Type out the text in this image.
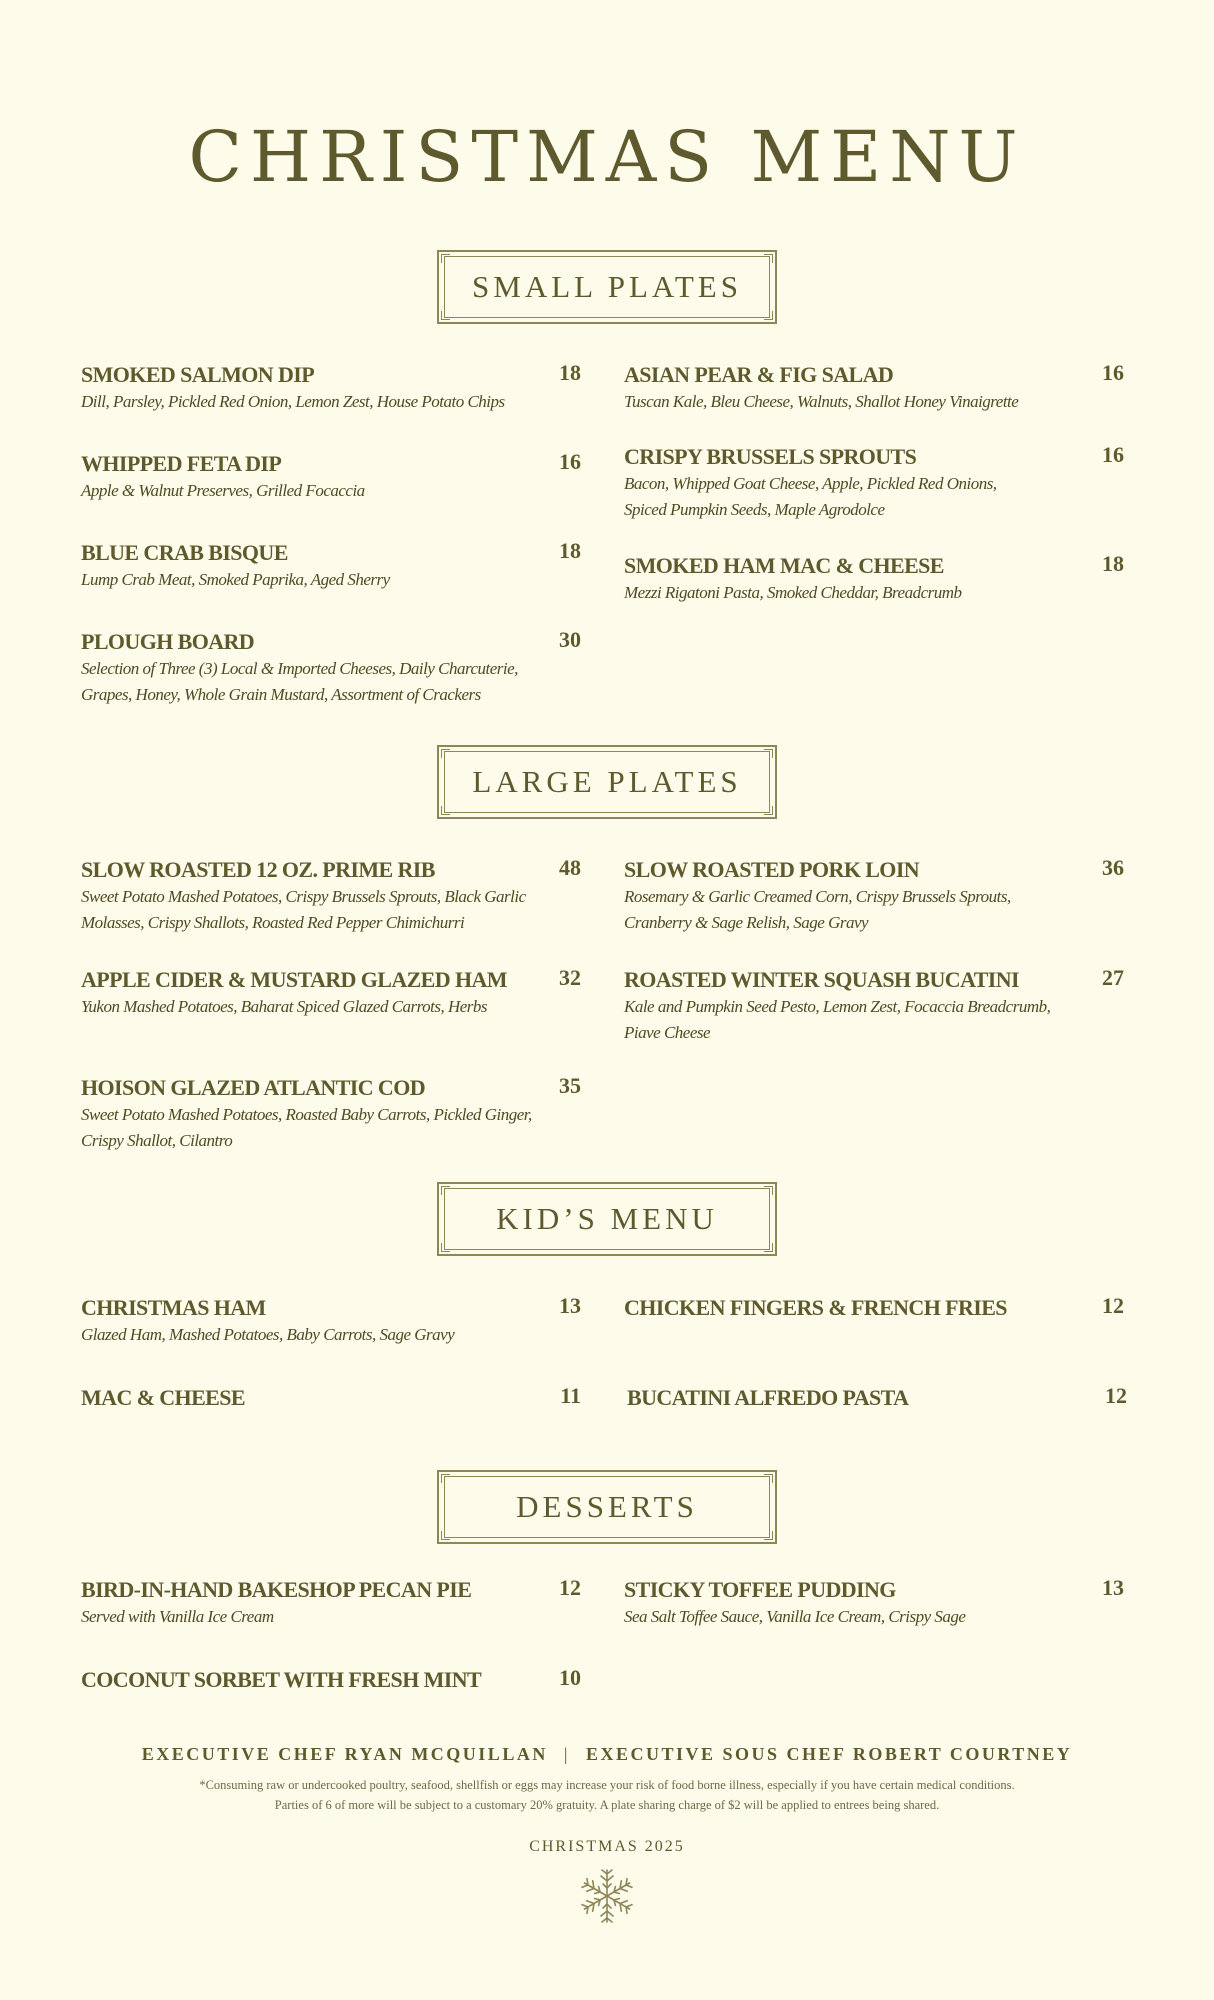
CHRISTMAS MENU
SMALL PLATES
SMOKED SALMON DIP	18
Dill, Parsley, Pickled Red Onion, Lemon Zest, House Potato Chips
WHIPPED FETA DIP	16
Apple & Walnut Preserves, Grilled Focaccia
BLUE CRAB BISQUE	18
Lump Crab Meat, Smoked Paprika, Aged Sherry
PLOUGH BOARD	30
Selection of Three (3) Local & Imported Cheeses, Daily Charcuterie,
Grapes, Honey, Whole Grain Mustard, Assortment of Crackers
ASIAN PEAR & FIG SALAD	16
Tuscan Kale, Bleu Cheese, Walnuts, Shallot Honey Vinaigrette
CRISPY BRUSSELS SPROUTS	16
Bacon, Whipped Goat Cheese, Apple, Pickled Red Onions,
Spiced Pumpkin Seeds, Maple Agrodolce
SMOKED HAM MAC & CHEESE	18
Mezzi Rigatoni Pasta, Smoked Cheddar, Breadcrumb
LARGE PLATES
SLOW ROASTED 12 OZ. PRIME RIB	48
Sweet Potato Mashed Potatoes, Crispy Brussels Sprouts, Black Garlic
Molasses, Crispy Shallots, Roasted Red Pepper Chimichurri
APPLE CIDER & MUSTARD GLAZED HAM	32
Yukon Mashed Potatoes, Baharat Spiced Glazed Carrots, Herbs
HOISON GLAZED ATLANTIC COD	35
Sweet Potato Mashed Potatoes, Roasted Baby Carrots, Pickled Ginger,
Crispy Shallot, Cilantro
SLOW ROASTED PORK LOIN	36
Rosemary & Garlic Creamed Corn, Crispy Brussels Sprouts,
Cranberry & Sage Relish, Sage Gravy
ROASTED WINTER SQUASH BUCATINI	27
Kale and Pumpkin Seed Pesto, Lemon Zest, Focaccia Breadcrumb,
Piave Cheese
KID’S MENU
CHRISTMAS HAM	13
Glazed Ham, Mashed Potatoes, Baby Carrots, Sage Gravy
MAC & CHEESE	11
CHICKEN FINGERS & FRENCH FRIES	12
BUCATINI ALFREDO PASTA	12
DESSERTS
BIRD-IN-HAND BAKESHOP PECAN PIE	12
Served with Vanilla Ice Cream
COCONUT SORBET WITH FRESH MINT	10
STICKY TOFFEE PUDDING	13
Sea Salt Toffee Sauce, Vanilla Ice Cream, Crispy Sage
EXECUTIVE CHEF RYAN MCQUILLAN | EXECUTIVE SOUS CHEF ROBERT COURTNEY
*Consuming raw or undercooked poultry, seafood, shellfish or eggs may increase your risk of food borne illness, especially if you have certain medical conditions.
Parties of 6 of more will be subject to a customary 20% gratuity. A plate sharing charge of $2 will be applied to entrees being shared.
CHRISTMAS 2025
